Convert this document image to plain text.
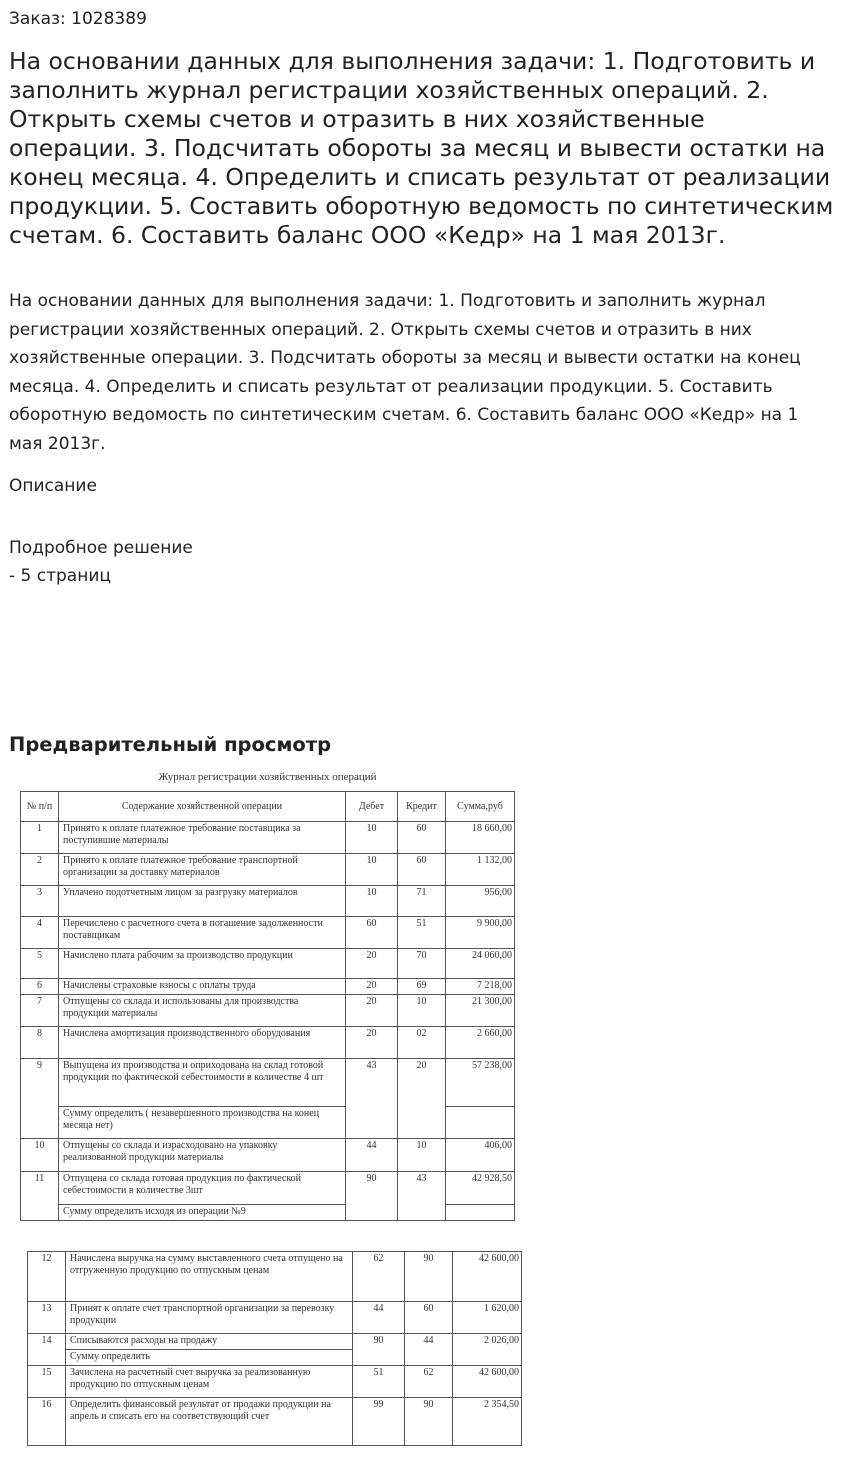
Заказ: 1028389
На основании данных для выполнения задачи: 1. Подготовить и заполнить журнал регистрации хозяйственных операций. 2. Открыть схемы счетов и отразить в них хозяйственные операции. 3. Подсчитать обороты за месяц и вывести остатки на конец месяца. 4. Определить и списать результат от реализации продукции. 5. Составить оборотную ведомость по синтетическим счетам. 6. Составить баланс ООО «Кедр» на 1 мая 2013г.
На основании данных для выполнения задачи: 1. Подготовить и заполнить журнал регистрации хозяйственных операций. 2. Открыть схемы счетов и отразить в них хозяйственные операции. 3. Подсчитать обороты за месяц и вывести остатки на конец месяца. 4. Определить и списать результат от реализации продукции. 5. Составить оборотную ведомость по синтетическим счетам. 6. Составить баланс ООО «Кедр» на 1 мая 2013г.
Описание
Подробное решение
- 5 страниц
Предварительный просмотр
Журнал регистрации хозяйственных операций
№ п/п	Содержание хозяйственной операции	Дебет	Кредит	Сумма,руб
1	Принято к оплате платежное требование поставщика за поступившие материалы	10	60	18 660,00
2	Принято к оплате платежное требование транспортной организации за доставку материалов	10	60	1 132,00
3	Уплачено подотчетным лицом за разгрузку материалов	10	71	956,00
4	Перечислено с расчетного счета в погашение задолженности поставщикам	60	51	9 900,00
5	Начислено плата рабочим за производство продукции	20	70	24 060,00
6	Начислены страховые взносы с оплаты труда	20	69	7 218,00
7	Отпущены со склада и использованы для производства продукции материалы	20	10	21 300,00
8	Начислена амортизация производственного оборудования	20	02	2 660,00
9	Выпущена из производства и оприходована на склад готовой продукции по фактической себестоимости в количестве 4 шт	43	20	57 238,00
	Сумму определить ( незавершенного производства на конец месяца нет)			
10	Отпущены со склада и израсходовано на упаковку реализованной продукции материалы	44	10	406,00
11	Отпущена со склада готовая продукция по фактической себестоимости в количестве 3шт	90	43	42 928,50
	Сумму определить исходя из операции №9			
12	Начислена выручка на сумму выставленного счета отпущено на отгруженную продукцию по отпускным ценам	62	90	42 600,00
13	Принят к оплате счет транспортной организации за перевозку продукции	44	60	1 620,00
14	Списываются расходы на продажу	90	44	2 026,00
	Сумму определить			
15	Зачислена на расчетный счет выручка за реализованную продукцию по отпускным ценам	51	62	42 600,00
16	Определить финансовый результат от продажи продукции на апрель и списать его на соответствующий счет	99	90	2 354,50
